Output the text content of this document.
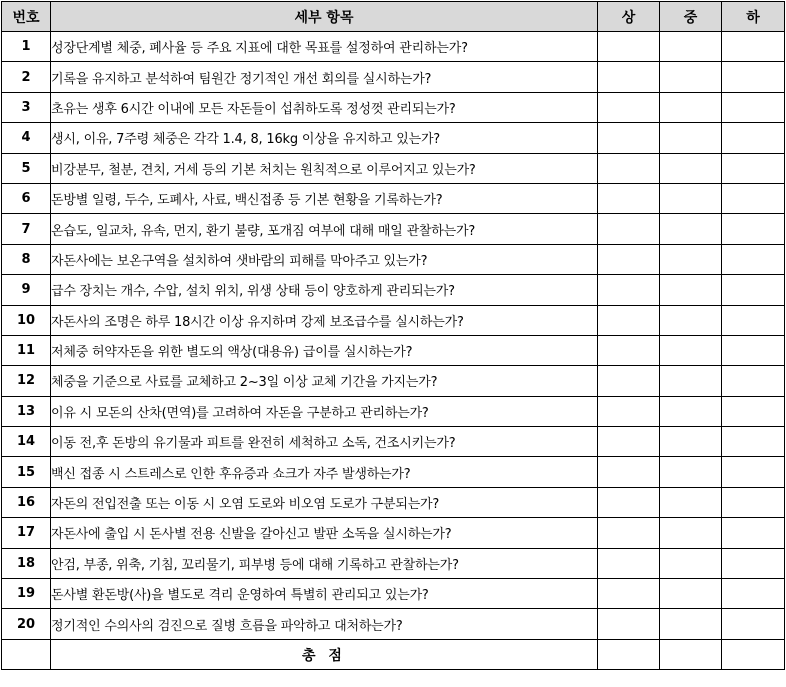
번호	세부 항목	상	중	하
1	성장단계별 체중, 폐사율 등 주요 지표에 대한 목표를 설정하여 관리하는가?			
2	기록을 유지하고 분석하여 팀원간 정기적인 개선 회의를 실시하는가?			
3	초유는 생후 6시간 이내에 모든 자돈들이 섭취하도록 정성껏 관리되는가?			
4	생시, 이유, 7주령 체중은 각각 1.4, 8, 16kg 이상을 유지하고 있는가?			
5	비강분무, 철분, 견치, 거세 등의 기본 처치는 원칙적으로 이루어지고 있는가?			
6	돈방별 일령, 두수, 도폐사, 사료, 백신접종 등 기본 현황을 기록하는가?			
7	온습도, 일교차, 유속, 먼지, 환기 불량, 포개짐 여부에 대해 매일 관찰하는가?			
8	자돈사에는 보온구역을 설치하여 샛바람의 피해를 막아주고 있는가?			
9	급수 장치는 개수, 수압, 설치 위치, 위생 상태 등이 양호하게 관리되는가?			
10	자돈사의 조명은 하루 18시간 이상 유지하며 강제 보조급수를 실시하는가?			
11	저체중 허약자돈을 위한 별도의 액상(대용유) 급이를 실시하는가?			
12	체중을 기준으로 사료를 교체하고 2~3일 이상 교체 기간을 가지는가?			
13	이유 시 모돈의 산차(면역)를 고려하여 자돈을 구분하고 관리하는가?			
14	이동 전,후 돈방의 유기물과 피트를 완전히 세척하고 소독, 건조시키는가?			
15	백신 접종 시 스트레스로 인한 후유증과 쇼크가 자주 발생하는가?			
16	자돈의 전입전출 또는 이동 시 오염 도로와 비오염 도로가 구분되는가?			
17	자돈사에 출입 시 돈사별 전용 신발을 갈아신고 발판 소독을 실시하는가?			
18	안검, 부종, 위축, 기침, 꼬리물기, 피부병 등에 대해 기록하고 관찰하는가?			
19	돈사별 환돈방(사)을 별도로 격리 운영하여 특별히 관리되고 있는가?			
20	정기적인 수의사의 검진으로 질병 흐름을 파악하고 대처하는가?			
	총 점			
